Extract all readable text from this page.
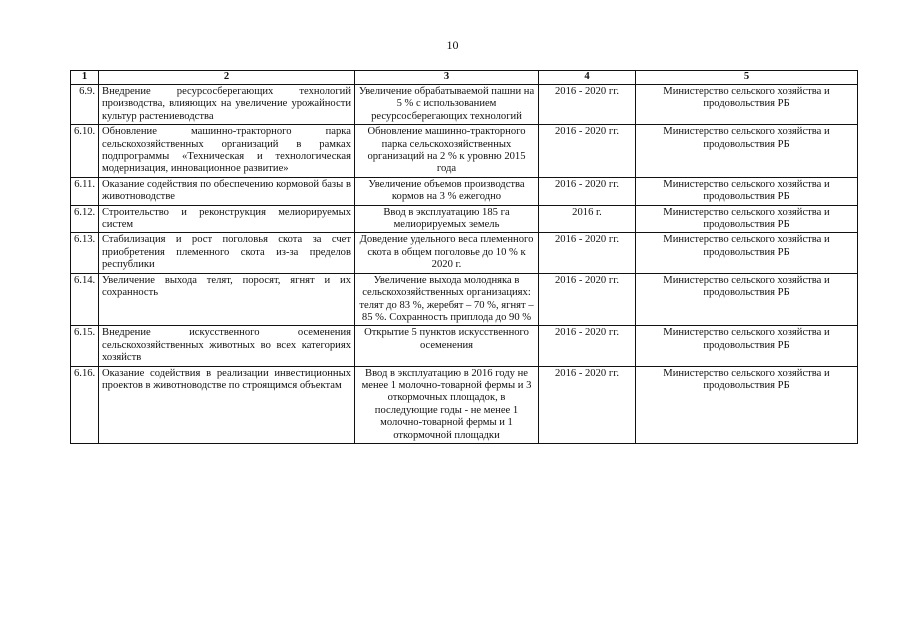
10
1	2	3	4	5
6.9.	Внедрение ресурсосберегающих технологий производства, влияющих на увеличение урожайности культур растениеводства	Увеличение обрабатываемой пашни на 5 % с использованием ресурсосберегающих технологий	2016 - 2020 гг.	Министерство сельского хозяйства и продовольствия РБ
6.10.	Обновление машинно-тракторного парка сельскохозяйственных организаций в рамках подпрограммы «Техническая и технологическая модернизация, инновационное развитие»	Обновление машинно-тракторного парка сельскохозяйственных организаций на 2 % к уровню 2015 года	2016 - 2020 гг.	Министерство сельского хозяйства и продовольствия РБ
6.11.	Оказание содействия по обеспечению кормовой базы в животноводстве	Увеличение объемов производства кормов на 3 % ежегодно	2016 - 2020 гг.	Министерство сельского хозяйства и продовольствия РБ
6.12.	Строительство и реконструкция мелиорируемых систем	Ввод в эксплуатацию 185 га мелиорируемых земель	2016 г.	Министерство сельского хозяйства и продовольствия РБ
6.13.	Стабилизация и рост поголовья скота за счет приобретения племенного скота из-за пределов республики	Доведение удельного веса племенного скота в общем поголовье до 10 % к 2020 г.	2016 - 2020 гг.	Министерство сельского хозяйства и продовольствия РБ
6.14.	Увеличение выхода телят, поросят, ягнят и их сохранность	Увеличение выхода молодняка в сельскохозяйственных организациях: телят до 83 %, жеребят – 70 %, ягнят – 85 %. Сохранность приплода до 90 %	2016 - 2020 гг.	Министерство сельского хозяйства и продовольствия РБ
6.15.	Внедрение искусственного осеменения сельскохозяйственных животных во всех категориях хозяйств	Открытие 5 пунктов искусственного осеменения	2016 - 2020 гг.	Министерство сельского хозяйства и продовольствия РБ
6.16.	Оказание содействия в реализации инвестиционных проектов в животноводстве по строящимся объектам	Ввод в эксплуатацию в 2016 году не менее 1 молочно-товарной фермы и 3 откормочных площадок, в последующие годы - не менее 1 молочно-товарной фермы и 1 откормочной площадки	2016 - 2020 гг.	Министерство сельского хозяйства и продовольствия РБ
